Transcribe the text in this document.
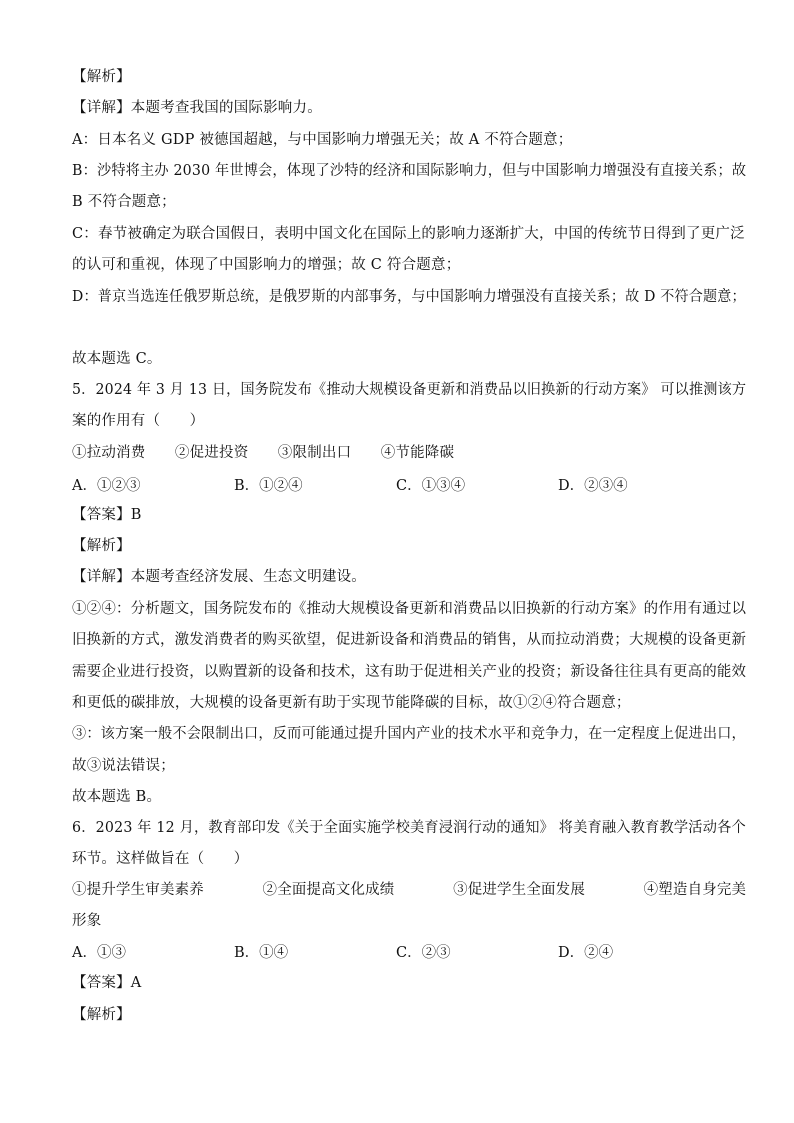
【解析】
【详解】本题考查我国的国际影响力。
A：日本名义 GDP 被德国超越，与中国影响力增强无关；故 A 不符合题意；
B：沙特将主办 2030 年世博会，体现了沙特的经济和国际影响力，但与中国影响力增强没有直接关系；故
B 不符合题意；
C：春节被确定为联合国假日，表明中国文化在国际上的影响力逐渐扩大，中国的传统节日得到了更广泛
的认可和重视，体现了中国影响力的增强；故 C 符合题意；
D：普京当选连任俄罗斯总统，是俄罗斯的内部事务，与中国影响力增强没有直接关系；故 D 不符合题意；
故本题选 C。
5．2024 年 3 月 13 日，国务院发布《推动大规模设备更新和消费品以旧换新的行动方案》 可以推测该方
案的作用有（　　）
①拉动消费　　②促进投资　　③限制出口　　④节能降碳
A．①②③	B．①②④	C．①③④	D．②③④
【答案】B
【解析】
【详解】本题考查经济发展、生态文明建设。
①②④：分析题文，国务院发布的《推动大规模设备更新和消费品以旧换新的行动方案》的作用有通过以
旧换新的方式，激发消费者的购买欲望，促进新设备和消费品的销售，从而拉动消费；大规模的设备更新
需要企业进行投资，以购置新的设备和技术，这有助于促进相关产业的投资；新设备往往具有更高的能效
和更低的碳排放，大规模的设备更新有助于实现节能降碳的目标，故①②④符合题意；
③：该方案一般不会限制出口，反而可能通过提升国内产业的技术水平和竞争力，在一定程度上促进出口，
故③说法错误；
故本题选 B。
6．2023 年 12 月，教育部印发《关于全面实施学校美育浸润行动的通知》 将美育融入教育教学活动各个
环节。这样做旨在（　　）
①提升学生审美素养　　　　②全面提高文化成绩　　　　③促进学生全面发展　　　　④塑造自身完美
形象
A．①③	B．①④	C．②③	D．②④
【答案】A
【解析】
